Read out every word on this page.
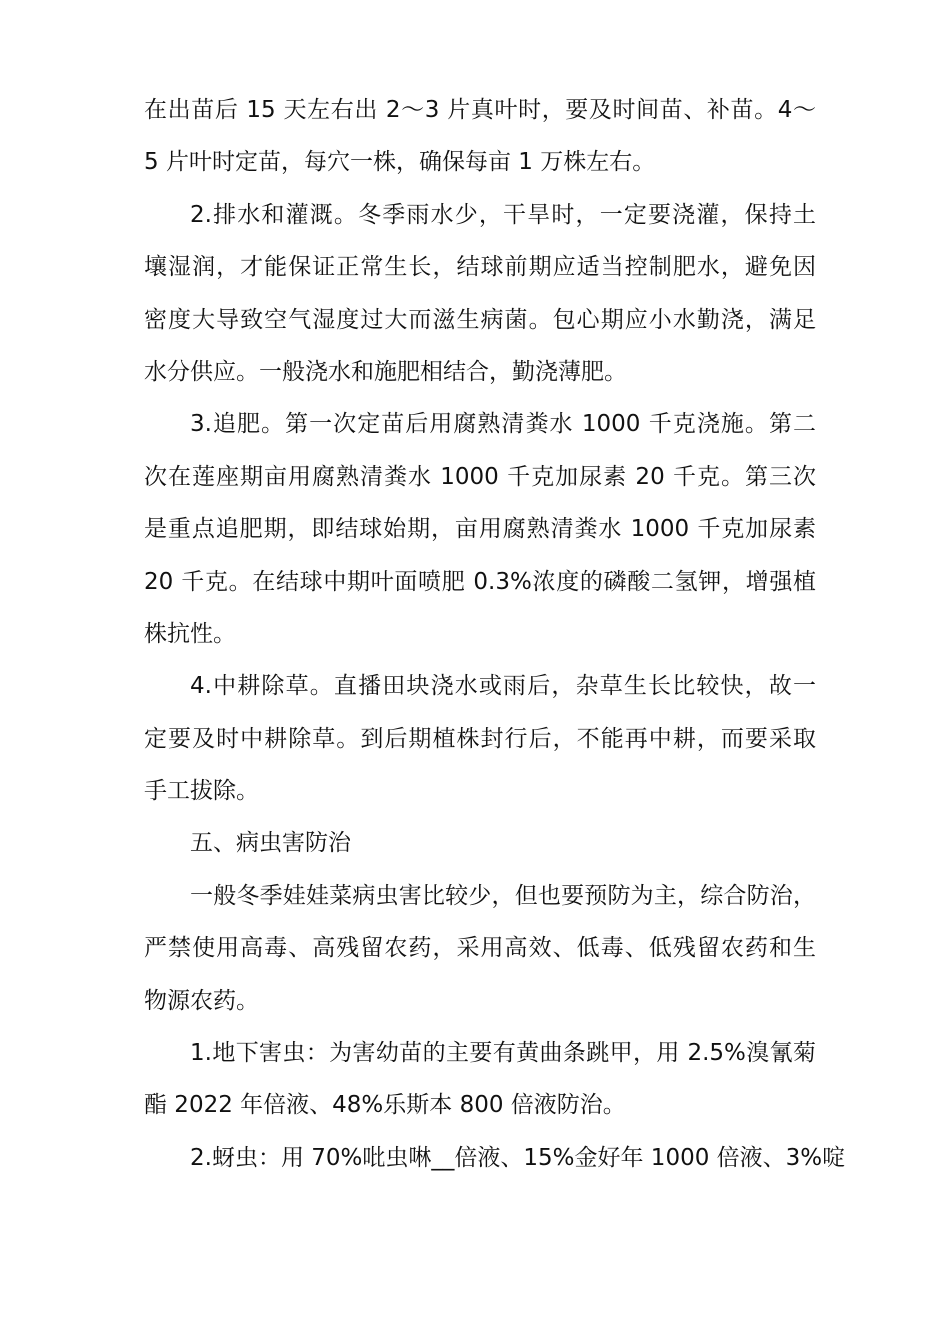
在出苗后 15 天左右出 2～3 片真叶时，要及时间苗、补苗。4～
5 片叶时定苗，每穴一株，确保每亩 1 万株左右。
2.排水和灌溉。冬季雨水少，干旱时，一定要浇灌，保持土
壤湿润，才能保证正常生长，结球前期应适当控制肥水，避免因
密度大导致空气湿度过大而滋生病菌。包心期应小水勤浇，满足
水分供应。一般浇水和施肥相结合，勤浇薄肥。
3.追肥。第一次定苗后用腐熟清粪水 1000 千克浇施。第二
次在莲座期亩用腐熟清粪水 1000 千克加尿素 20 千克。第三次
是重点追肥期，即结球始期，亩用腐熟清粪水 1000 千克加尿素
20 千克。在结球中期叶面喷肥 0.3%浓度的磷酸二氢钾，增强植
株抗性。
4.中耕除草。直播田块浇水或雨后，杂草生长比较快，故一
定要及时中耕除草。到后期植株封行后，不能再中耕，而要采取
手工拔除。
五、病虫害防治
一般冬季娃娃菜病虫害比较少，但也要预防为主，综合防治，
严禁使用高毒、高残留农药，采用高效、低毒、低残留农药和生
物源农药。
1.地下害虫：为害幼苗的主要有黄曲条跳甲，用 2.5%溴氰菊
酯 2022 年倍液、48%乐斯本 800 倍液防治。
2.蚜虫：用 70%吡虫啉__倍液、15%金好年 1000 倍液、3%啶
